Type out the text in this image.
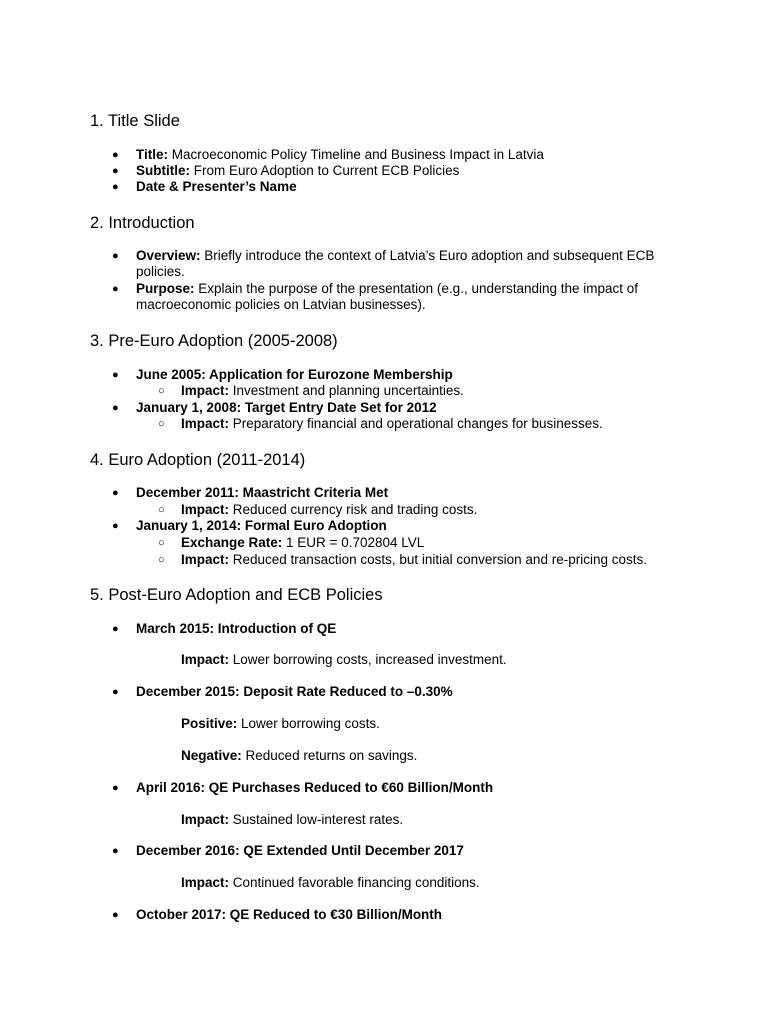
1. Title Slide
● Title: Macroeconomic Policy Timeline and Business Impact in Latvia

● Subtitle: From Euro Adoption to Current ECB Policies

● Date & Presenter’s Name

2. Introduction
● Overview: Briefly introduce the context of Latvia’s Euro adoption and subsequent ECB

policies.

● Purpose: Explain the purpose of the presentation (e.g., understanding the impact of

macroeconomic policies on Latvian businesses).

3. Pre-Euro Adoption (2005-2008)
● June 2005: Application for Eurozone Membership

○ Impact: Investment and planning uncertainties.

● January 1, 2008: Target Entry Date Set for 2012

○ Impact: Preparatory financial and operational changes for businesses.

4. Euro Adoption (2011-2014)
● December 2011: Maastricht Criteria Met

○ Impact: Reduced currency risk and trading costs.

● January 1, 2014: Formal Euro Adoption

○ Exchange Rate: 1 EUR = 0.702804 LVL

○ Impact: Reduced transaction costs, but initial conversion and re-pricing costs.

5. Post-Euro Adoption and ECB Policies
● March 2015: Introduction of QE

Impact: Lower borrowing costs, increased investment.

● December 2015: Deposit Rate Reduced to –0.30%

Positive: Lower borrowing costs.

Negative: Reduced returns on savings.

● April 2016: QE Purchases Reduced to €60 Billion/Month

Impact: Sustained low-interest rates.

● December 2016: QE Extended Until December 2017

Impact: Continued favorable financing conditions.

● October 2017: QE Reduced to €30 Billion/Month
